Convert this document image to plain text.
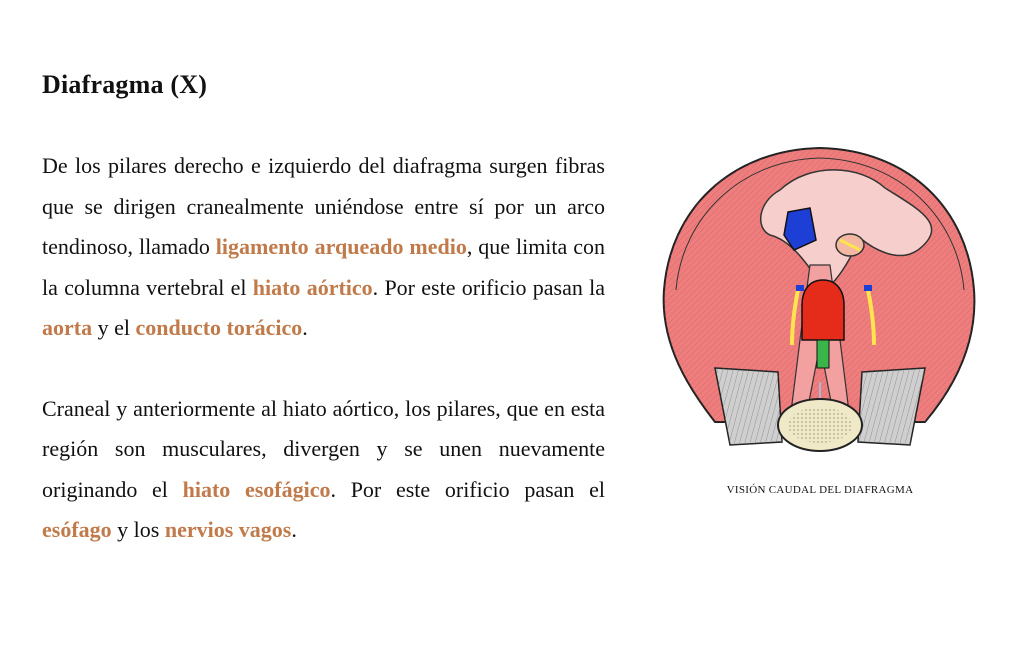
Diafragma (X)

De los pilares derecho e izquierdo del diafragma surgen fibras que se dirigen cranealmente uniéndose entre sí por un arco tendinoso, llamado ligamento arqueado medio, que limita con la columna vertebral el hiato aórtico. Por este orificio pasan la aorta y el conducto torácico.

Craneal y anteriormente al hiato aórtico, los pilares, que en esta región son musculares, divergen y se unen nuevamente originando el hiato esofágico. Por este orificio pasan el esófago y los nervios vagos.

VISIÓN CAUDAL DEL DIAFRAGMA
